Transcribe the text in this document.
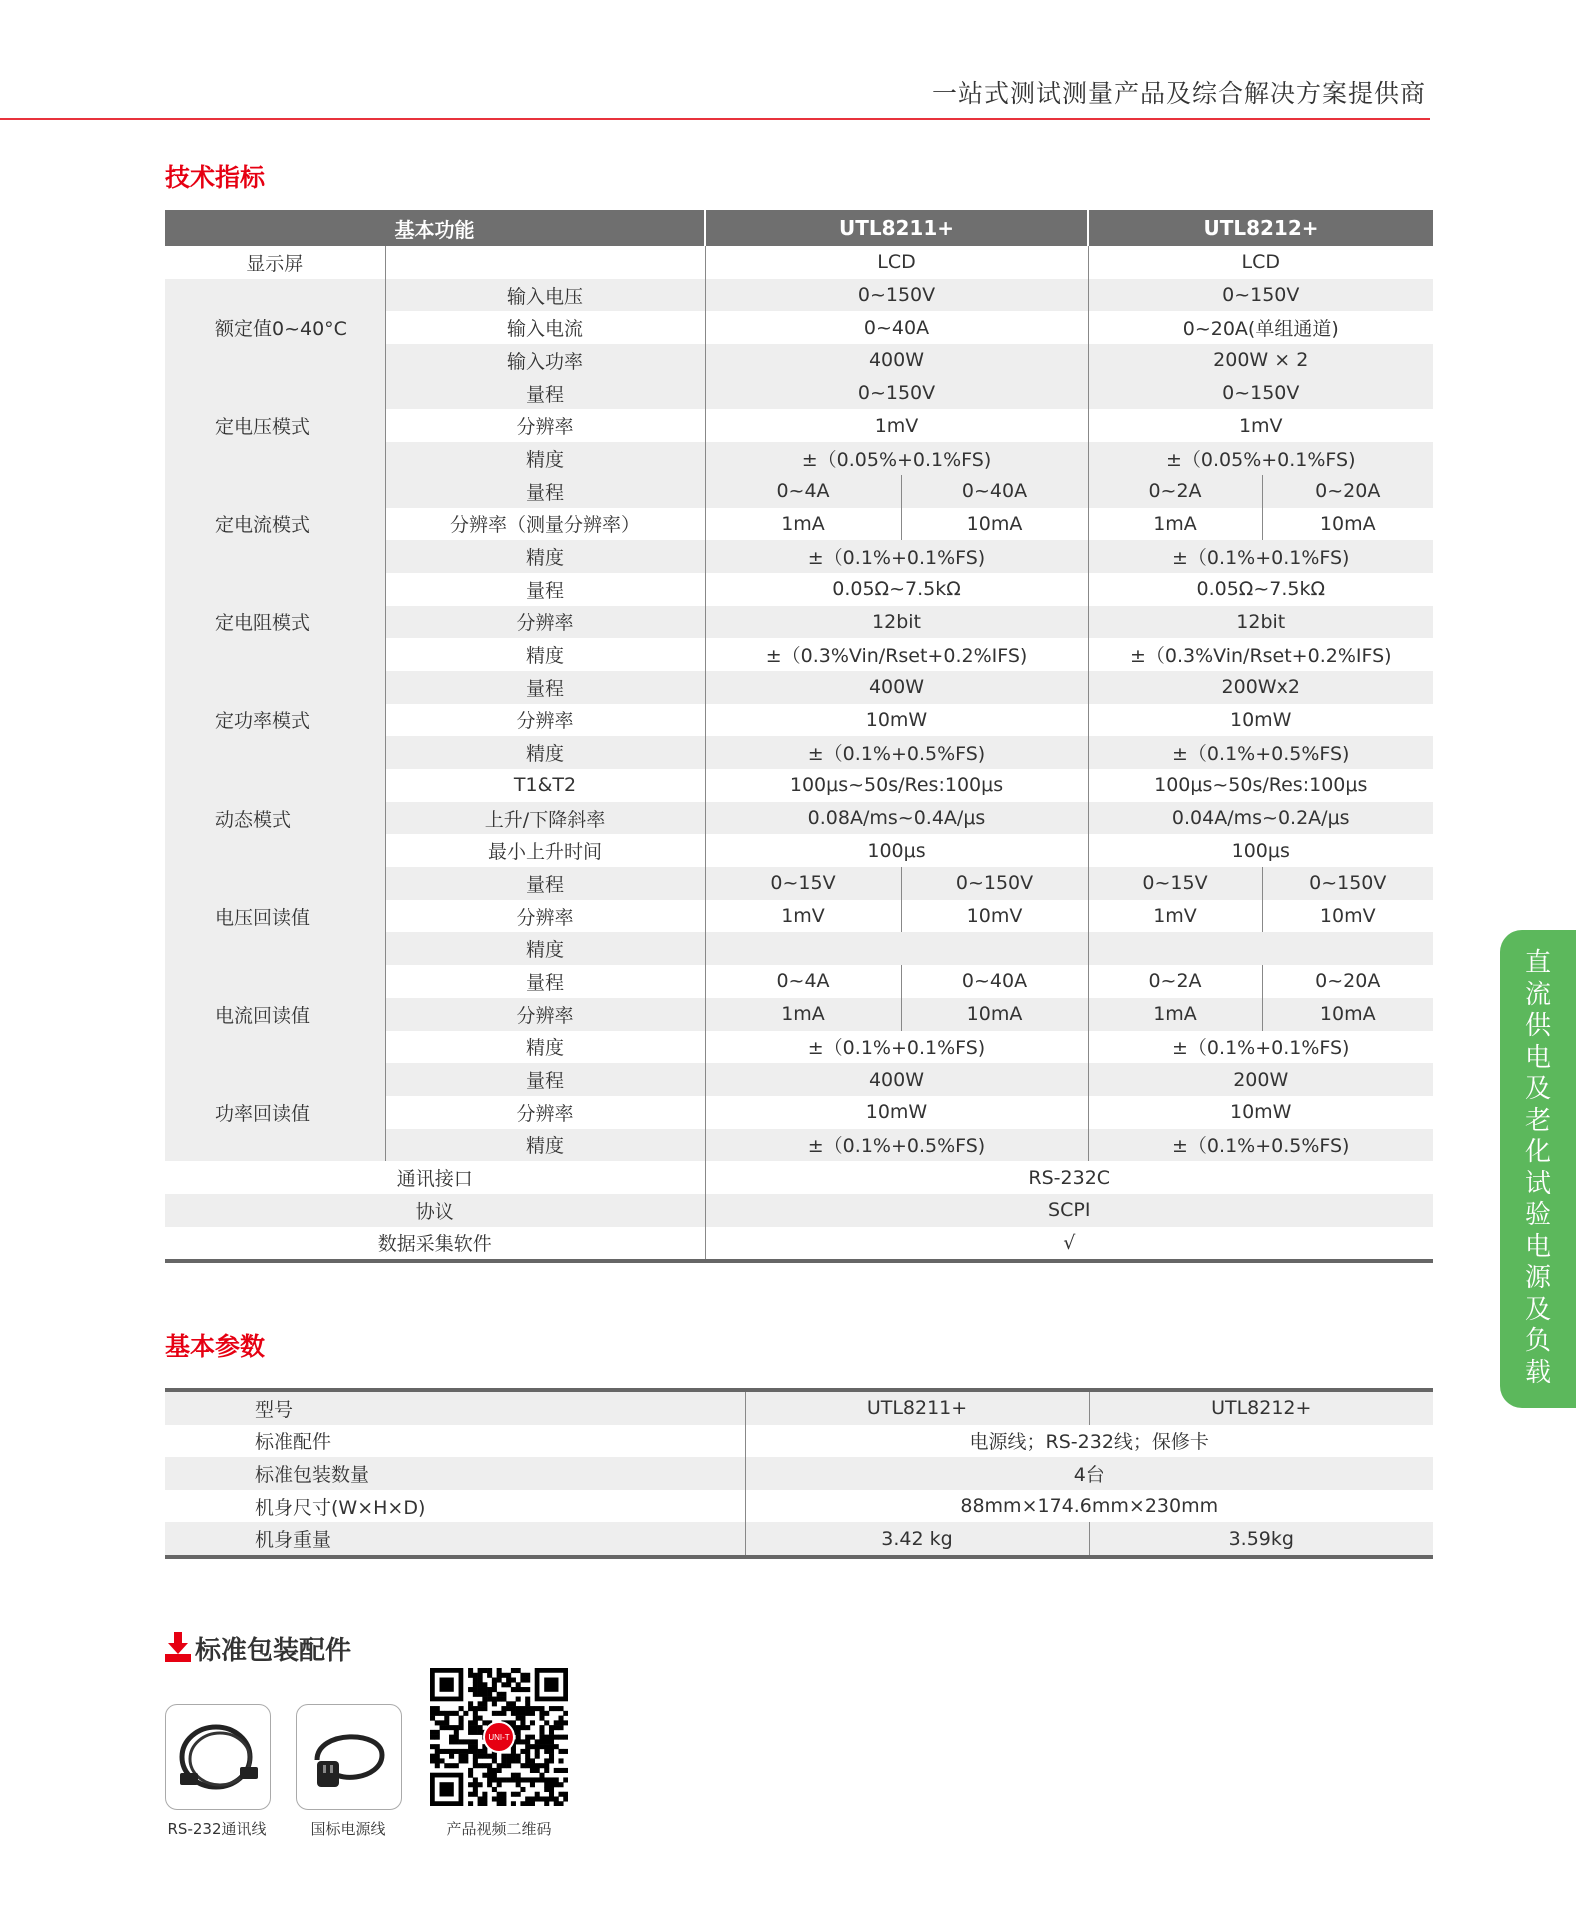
一站式测试测量产品及综合解决方案提供商
技术指标
基本功能		UTL8211+		UTL8212+	
显示屏		LCD		LCD	
额定值0~40°C	输入电压	0~150V		0~150V	
	输入电流	0~40A		0~20A(单组通道)	
	输入功率	400W		200W × 2	
定电压模式	量程	0~150V		0~150V	
	分辨率	1mV		1mV	
	精度	±（0.05%+0.1%FS)		±（0.05%+0.1%FS)	
定电流模式	量程	0~4A	0~40A	0~2A	0~20A
	分辨率（测量分辨率）	1mA	10mA	1mA	10mA
	精度	±（0.1%+0.1%FS)		±（0.1%+0.1%FS)	
定电阻模式	量程	0.05Ω~7.5kΩ		0.05Ω~7.5kΩ	
	分辨率	12bit		12bit	
	精度	±（0.3%Vin/Rset+0.2%IFS)		±（0.3%Vin/Rset+0.2%IFS)	
定功率模式	量程	400W		200Wx2	
	分辨率	10mW		10mW	
	精度	±（0.1%+0.5%FS)		±（0.1%+0.5%FS)	
动态模式	T1&T2	100μs~50s/Res:100μs		100μs~50s/Res:100μs	
	上升/下降斜率	0.08A/ms~0.4A/μs		0.04A/ms~0.2A/μs	
	最小上升时间	100μs		100μs	
电压回读值	量程	0~15V	0~150V	0~15V	0~150V
	分辨率	1mV	10mV	1mV	10mV
	精度				
电流回读值	量程	0~4A	0~40A	0~2A	0~20A
	分辨率	1mA	10mA	1mA	10mA
	精度	±（0.1%+0.1%FS)		±（0.1%+0.1%FS)	
功率回读值	量程	400W		200W	
	分辨率	10mW		10mW	
	精度	±（0.1%+0.5%FS)		±（0.1%+0.5%FS)	
通讯接口		RS-232C			
协议		SCPI			
数据采集软件		√			
基本参数
型号	UTL8211+	UTL8212+
标准配件	电源线；RS-232线；保修卡	
标准包装数量	4台	
机身尺寸(W×H×D)	88mm×174.6mm×230mm	
机身重量	3.42 kg	3.59kg
直
流
供
电
及
老
化
试
验
电
源
及
负
载
标准包装配件
RS-232通讯线	国标电源线
UNI-T
产品视频二维码
